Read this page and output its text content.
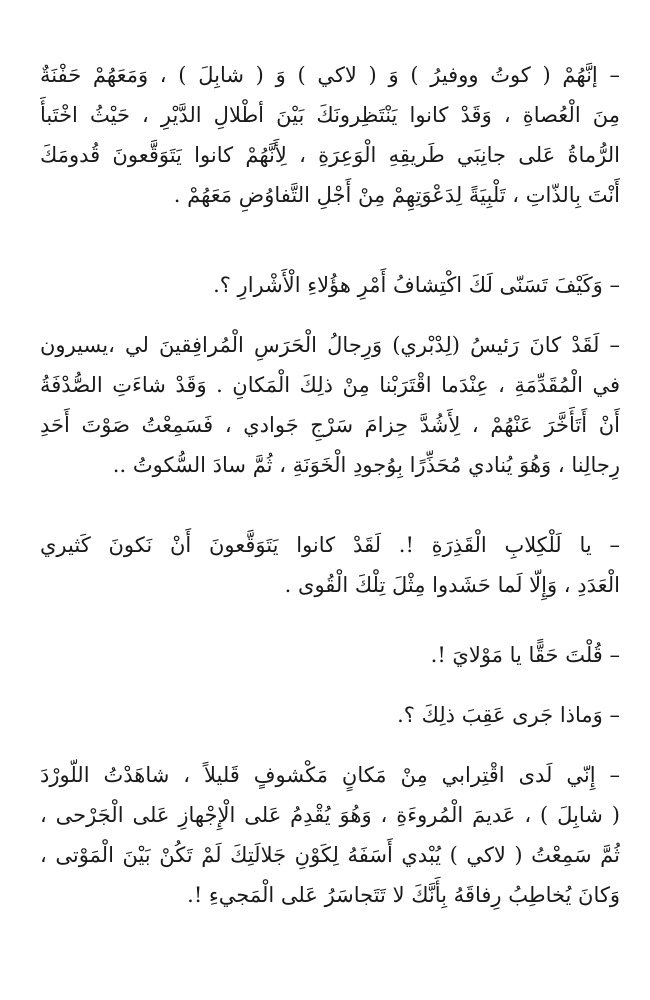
– إنَّهُمْ ( كوتُ ووفيرُ ) وَ ( لاكي ) وَ ( شابِلَ ) ، وَمَعَهُمْ حَفْنَةٌ
مِنَ الْعُصاةِ ، وَقَدْ كانوا يَنْتَظِرونَكَ بَيْنَ أطْلالِ الدَّيْرِ ، حَيْثُ اخْتَبأَ
الرُّماةُ عَلى جانِبَي طَريقِهِ الْوَعِرَةِ ، لِأَنَّهُمْ كانوا يَتَوَقَّعونَ قُدومَكَ
أَنْتَ بِالذّاتِ ، تَلْبِيَةً لِدَعْوَتِهِمْ مِنْ أَجْلِ التَّفاوُضِ مَعَهُمْ .
– وَكَيْفَ تَسَنّى لَكَ اكْتِشافُ أَمْرِ هؤُلاءِ الْأَشْرارِ ؟.
– لَقَدْ كانَ رَئيسُ (لِدْبْري) وَرِجالُ الْحَرَسِ الْمُرافِقينَ لي ،يسيرون
في الْمُقَدِّمَةِ ، عِنْدَما اقْتَرَبْنا مِنْ ذلِكَ الْمَكانِ . وَقَدْ شاءَتِ الصُّدْفَةُ
أَنْ أَتَأَخَّرَ عَنْهُمْ ، لِأَشُدَّ حِزامَ سَرْجِ جَوادي ، فَسَمِعْتُ صَوْتَ أَحَدِ
رِجالِنا ، وَهُوَ يُنادي مُحَذِّرًا بِوُجودِ الْخَوَنَةِ ، ثُمَّ سادَ السُّكوتُ ..
– يا لَلْكِلابِ الْقَذِرَةِ !. لَقَدْ كانوا يَتَوَقَّعونَ أَنْ نَكونَ كَثيري
الْعَدَدِ ، وَإِلّا لَما حَشَدوا مِثْلَ تِلْكَ الْقُوى .
– قُلْتَ حَقًّا يا مَوْلايَ !.
– وَماذا جَرى عَقِبَ ذلِكَ ؟.
– إِنّي لَدى اقْتِرابي مِنْ مَكانٍ مَكْشوفٍ قَليلاً ، شاهَدْتُ اللّورْدَ
( شابِلَ ) ، عَديمَ الْمُروءَةِ ، وَهُوَ يُقْدِمُ عَلى الْإِجْهازِ عَلى الْجَرْحى ،
ثُمَّ سَمِعْتُ ( لاكي ) يُبْدي أَسَفَهُ لِكَوْنِ جَلالَتِكَ لَمْ تَكُنْ بَيْنَ الْمَوْتى ،
وَكانَ يُخاطِبُ رِفاقَهُ بِأَنَّكَ لا تَتَجاسَرُ عَلى الْمَجيءِ !.
